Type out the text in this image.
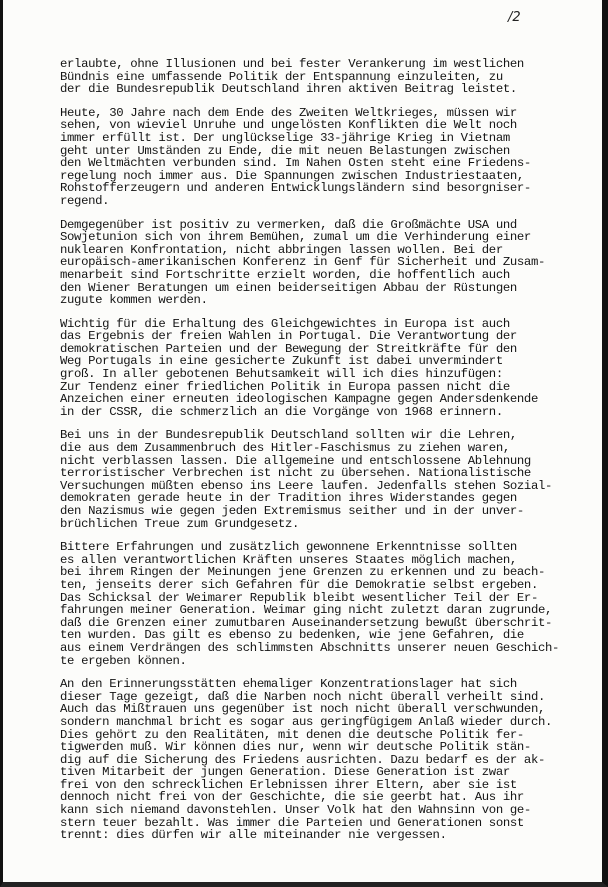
/2
erlaubte, ohne Illusionen und bei fester Verankerung im westlichen
Bündnis eine umfassende Politik der Entspannung einzuleiten, zu
der die Bundesrepublik Deutschland ihren aktiven Beitrag leistet.
Heute, 30 Jahre nach dem Ende des Zweiten Weltkrieges, müssen wir
sehen, von wieviel Unruhe und ungelösten Konflikten die Welt noch
immer erfüllt ist. Der unglückselige 33-jährige Krieg in Vietnam
geht unter Umständen zu Ende, die mit neuen Belastungen zwischen
den Weltmächten verbunden sind. Im Nahen Osten steht eine Friedens-
regelung noch immer aus. Die Spannungen zwischen Industriestaaten,
Rohstofferzeugern und anderen Entwicklungsländern sind besorgniser-
regend.
Demgegenüber ist positiv zu vermerken, daß die Großmächte USA und
Sowjetunion sich von ihrem Bemühen, zumal um die Verhinderung einer
nuklearen Konfrontation, nicht abbringen lassen wollen. Bei der
europäisch-amerikanischen Konferenz in Genf für Sicherheit und Zusam-
menarbeit sind Fortschritte erzielt worden, die hoffentlich auch
den Wiener Beratungen um einen beiderseitigen Abbau der Rüstungen
zugute kommen werden.
Wichtig für die Erhaltung des Gleichgewichtes in Europa ist auch
das Ergebnis der freien Wahlen in Portugal. Die Verantwortung der
demokratischen Parteien und der Bewegung der Streitkräfte für den
Weg Portugals in eine gesicherte Zukunft ist dabei unvermindert
groß. In aller gebotenen Behutsamkeit will ich dies hinzufügen:
Zur Tendenz einer friedlichen Politik in Europa passen nicht die
Anzeichen einer erneuten ideologischen Kampagne gegen Andersdenkende
in der CSSR, die schmerzlich an die Vorgänge von 1968 erinnern.
Bei uns in der Bundesrepublik Deutschland sollten wir die Lehren,
die aus dem Zusammenbruch des Hitler-Faschismus zu ziehen waren,
nicht verblassen lassen. Die allgemeine und entschlossene Ablehnung
terroristischer Verbrechen ist nicht zu übersehen. Nationalistische
Versuchungen müßten ebenso ins Leere laufen. Jedenfalls stehen Sozial-
demokraten gerade heute in der Tradition ihres Widerstandes gegen
den Nazismus wie gegen jeden Extremismus seither und in der unver-
brüchlichen Treue zum Grundgesetz.
Bittere Erfahrungen und zusätzlich gewonnene Erkenntnisse sollten
es allen verantwortlichen Kräften unseres Staates möglich machen,
bei ihrem Ringen der Meinungen jene Grenzen zu erkennen und zu beach-
ten, jenseits derer sich Gefahren für die Demokratie selbst ergeben.
Das Schicksal der Weimarer Republik bleibt wesentlicher Teil der Er-
fahrungen meiner Generation. Weimar ging nicht zuletzt daran zugrunde,
daß die Grenzen einer zumutbaren Auseinandersetzung bewußt überschrit-
ten wurden. Das gilt es ebenso zu bedenken, wie jene Gefahren, die
aus einem Verdrängen des schlimmsten Abschnitts unserer neuen Geschich-
te ergeben können.
An den Erinnerungsstätten ehemaliger Konzentrationslager hat sich
dieser Tage gezeigt, daß die Narben noch nicht überall verheilt sind.
Auch das Mißtrauen uns gegenüber ist noch nicht überall verschwunden,
sondern manchmal bricht es sogar aus geringfügigem Anlaß wieder durch.
Dies gehört zu den Realitäten, mit denen die deutsche Politik fer-
tigwerden muß. Wir können dies nur, wenn wir deutsche Politik stän-
dig auf die Sicherung des Friedens ausrichten. Dazu bedarf es der ak-
tiven Mitarbeit der jungen Generation. Diese Generation ist zwar
frei von den schrecklichen Erlebnissen ihrer Eltern, aber sie ist
dennoch nicht frei von der Geschichte, die sie geerbt hat. Aus ihr
kann sich niemand davonstehlen. Unser Volk hat den Wahnsinn von ge-
stern teuer bezahlt. Was immer die Parteien und Generationen sonst
trennt: dies dürfen wir alle miteinander nie vergessen.
